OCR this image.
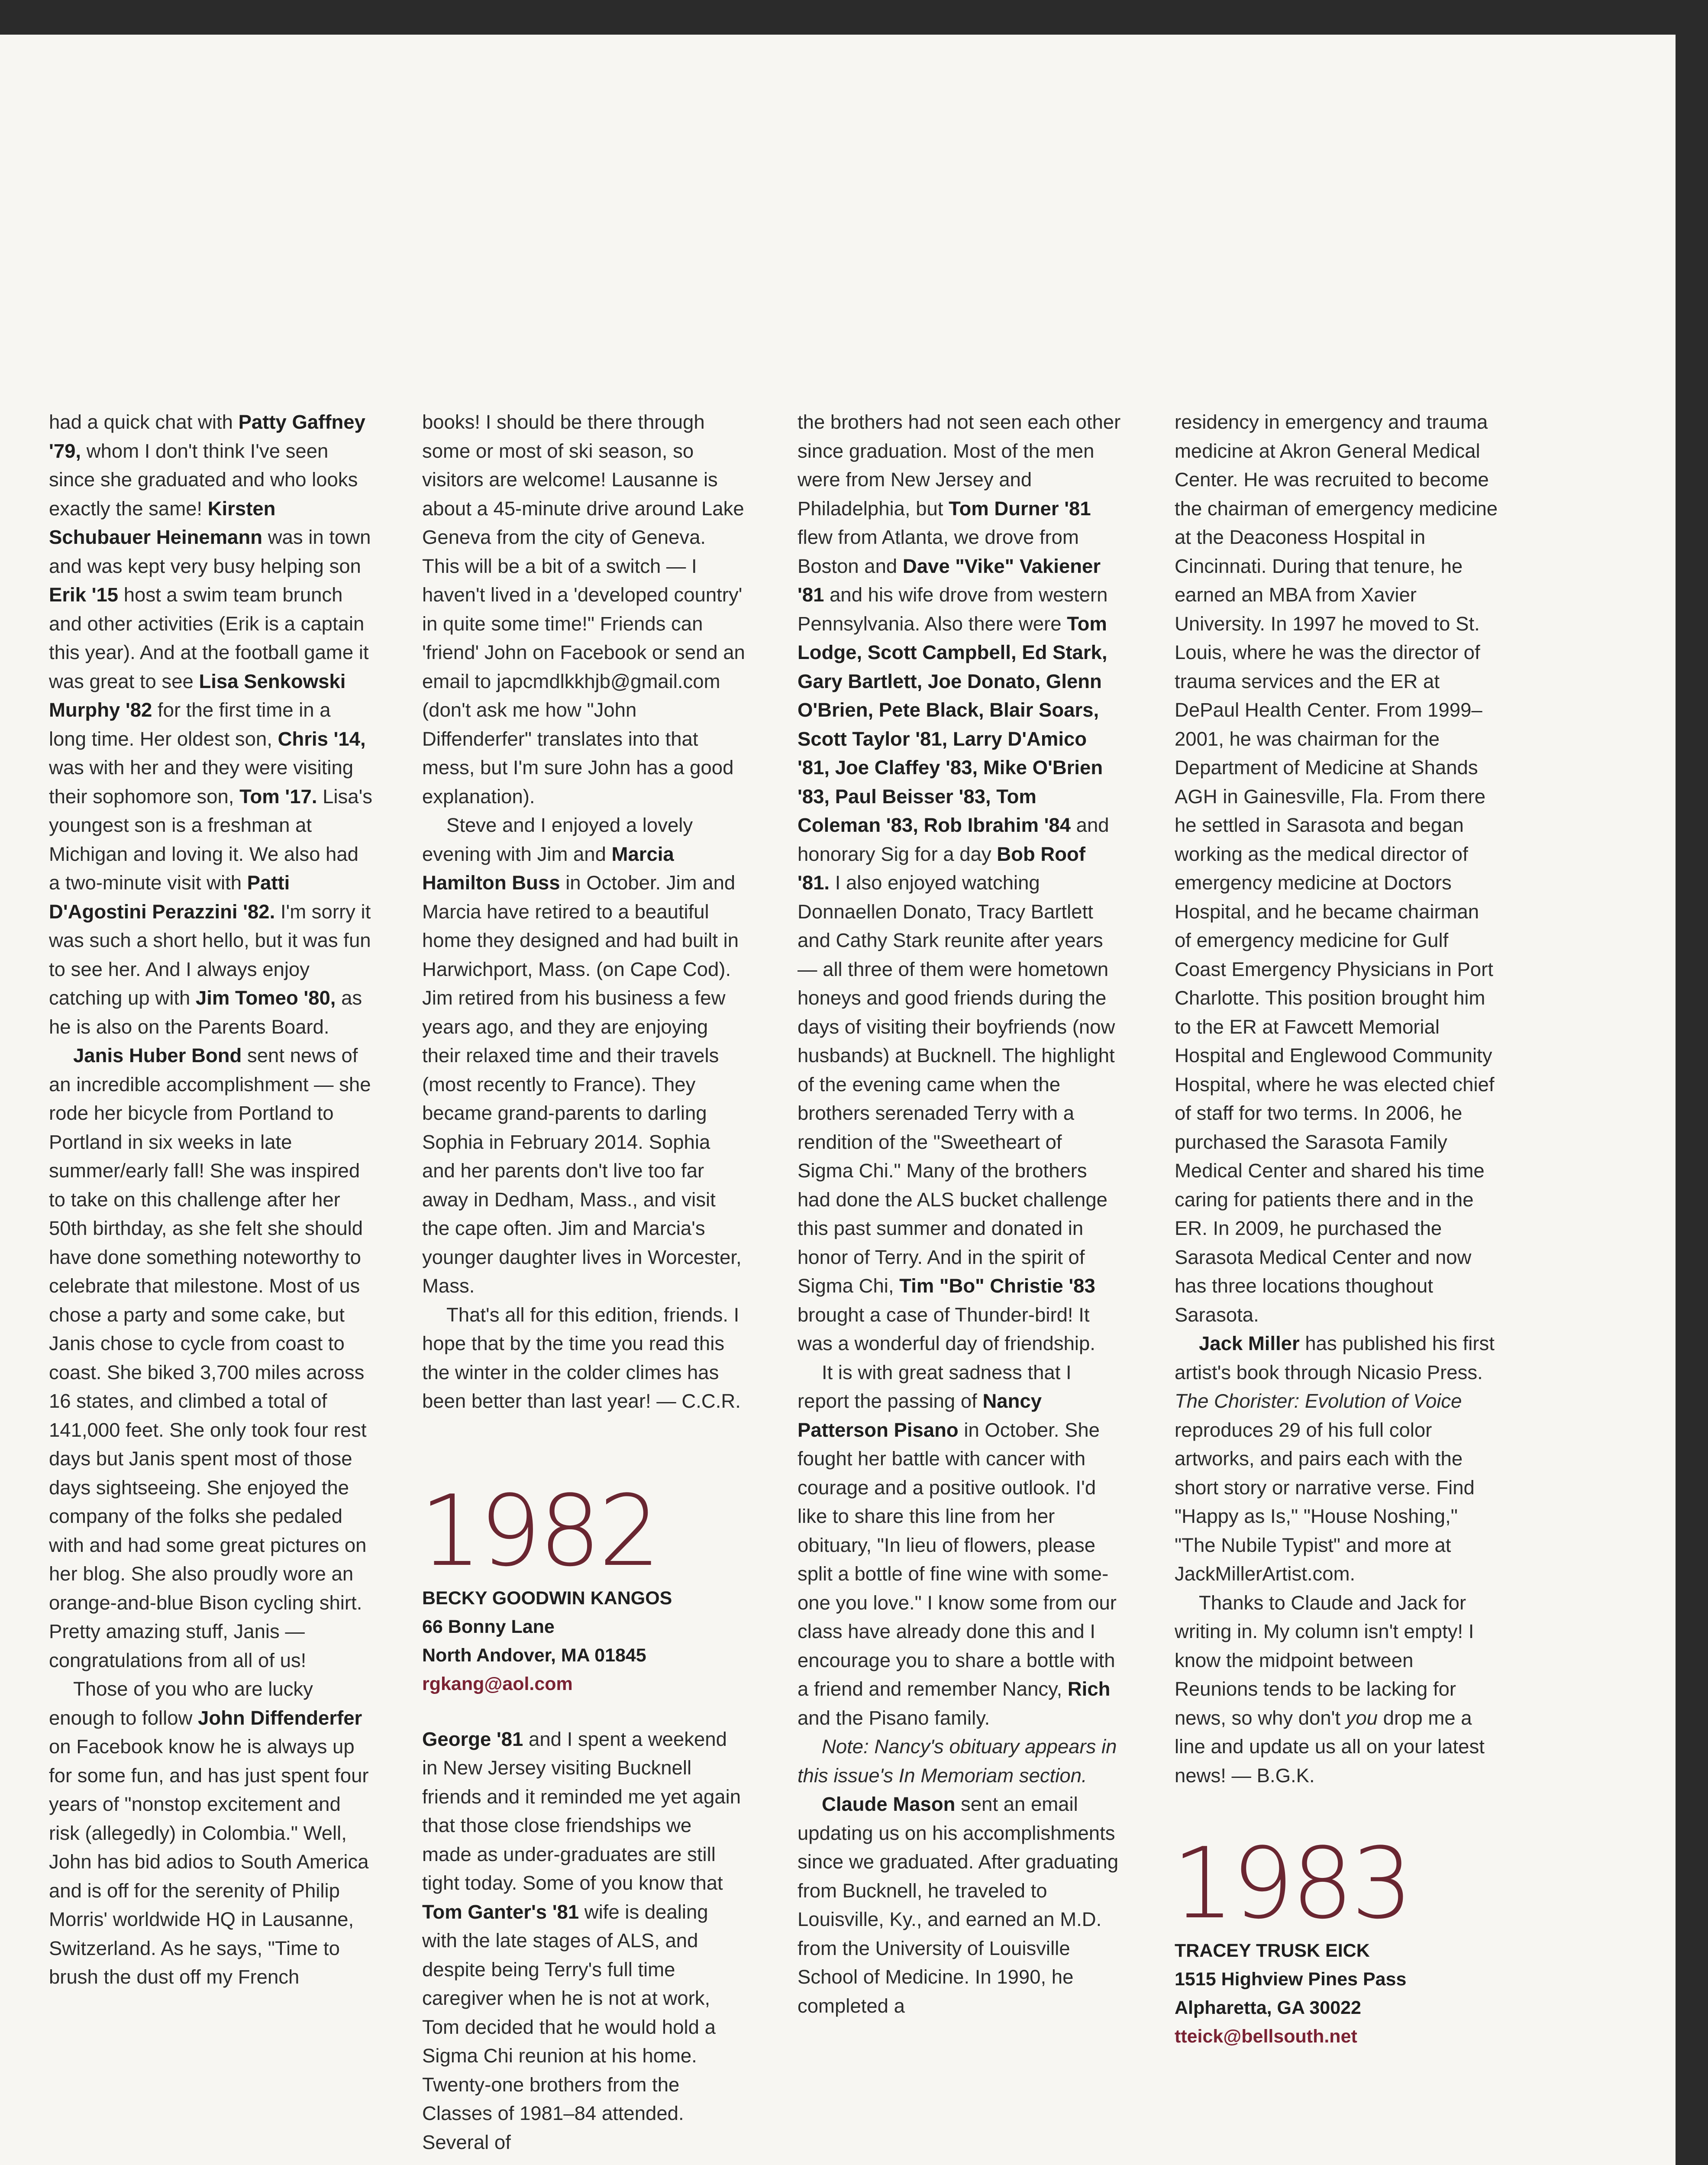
had a quick chat with Patty Gaffney '79, whom I don't think I've seen since she graduated and who looks exactly the same! Kirsten Schubauer Heinemann was in town and was kept very busy helping son Erik '15 host a swim team brunch and other activities (Erik is a captain this year). And at the football game it was great to see Lisa Senkowski Murphy '82 for the first time in a long time. Her oldest son, Chris '14, was with her and they were visiting their sophomore son, Tom '17. Lisa's youngest son is a freshman at Michigan and loving it. We also had a two-minute visit with Patti D'Agostini Perazzini '82. I'm sorry it was such a short hello, but it was fun to see her. And I always enjoy catching up with Jim Tomeo '80, as he is also on the Parents Board.

Janis Huber Bond sent news of an incredible accomplishment — she rode her bicycle from Portland to Portland in six weeks in late summer/early fall! She was inspired to take on this challenge after her 50th birthday, as she felt she should have done something noteworthy to celebrate that milestone. Most of us chose a party and some cake, but Janis chose to cycle from coast to coast. She biked 3,700 miles across 16 states, and climbed a total of 141,000 feet. She only took four rest days but Janis spent most of those days sightseeing. She enjoyed the company of the folks she pedaled with and had some great pictures on her blog. She also proudly wore an orange-and-blue Bison cycling shirt. Pretty amazing stuff, Janis — congratulations from all of us!

Those of you who are lucky enough to follow John Diffenderfer on Facebook know he is always up for some fun, and has just spent four years of "nonstop excitement and risk (allegedly) in Colombia." Well, John has bid adios to South America and is off for the serenity of Philip Morris' worldwide HQ in Lausanne, Switzerland. As he says, "Time to brush the dust off my French

books! I should be there through some or most of ski season, so visitors are welcome! Lausanne is about a 45-minute drive around Lake Geneva from the city of Geneva. This will be a bit of a switch — I haven't lived in a 'developed country' in quite some time!" Friends can 'friend' John on Facebook or send an email to japcmdlkkhjb@gmail.com (don't ask me how "John Diffenderfer" translates into that mess, but I'm sure John has a good explanation).

Steve and I enjoyed a lovely evening with Jim and Marcia Hamilton Buss in October. Jim and Marcia have retired to a beautiful home they designed and had built in Harwichport, Mass. (on Cape Cod). Jim retired from his business a few years ago, and they are enjoying their relaxed time and their travels (most recently to France). They became grand-parents to darling Sophia in February 2014. Sophia and her parents don't live too far away in Dedham, Mass., and visit the cape often. Jim and Marcia's younger daughter lives in Worcester, Mass.

That's all for this edition, friends. I hope that by the time you read this the winter in the colder climes has been better than last year! — C.C.R.

1982
BECKY GOODWIN KANGOS
66 Bonny Lane
North Andover, MA 01845
rgkang@aol.com

George '81 and I spent a weekend in New Jersey visiting Bucknell friends and it reminded me yet again that those close friendships we made as under-graduates are still tight today. Some of you know that Tom Ganter's '81 wife is dealing with the late stages of ALS, and despite being Terry's full time caregiver when he is not at work, Tom decided that he would hold a Sigma Chi reunion at his home. Twenty-one brothers from the Classes of 1981–84 attended. Several of

the brothers had not seen each other since graduation. Most of the men were from New Jersey and Philadelphia, but Tom Durner '81 flew from Atlanta, we drove from Boston and Dave "Vike" Vakiener '81 and his wife drove from western Pennsylvania. Also there were Tom Lodge, Scott Campbell, Ed Stark, Gary Bartlett, Joe Donato, Glenn O'Brien, Pete Black, Blair Soars, Scott Taylor '81, Larry D'Amico '81, Joe Claffey '83, Mike O'Brien '83, Paul Beisser '83, Tom Coleman '83, Rob Ibrahim '84 and honorary Sig for a day Bob Roof '81. I also enjoyed watching Donnaellen Donato, Tracy Bartlett and Cathy Stark reunite after years — all three of them were hometown honeys and good friends during the days of visiting their boyfriends (now husbands) at Bucknell. The highlight of the evening came when the brothers serenaded Terry with a rendition of the "Sweetheart of Sigma Chi." Many of the brothers had done the ALS bucket challenge this past summer and donated in honor of Terry. And in the spirit of Sigma Chi, Tim "Bo" Christie '83 brought a case of Thunder-bird! It was a wonderful day of friendship.

It is with great sadness that I report the passing of Nancy Patterson Pisano in October. She fought her battle with cancer with courage and a positive outlook. I'd like to share this line from her obituary, "In lieu of flowers, please split a bottle of fine wine with some-one you love." I know some from our class have already done this and I encourage you to share a bottle with a friend and remember Nancy, Rich and the Pisano family.

Note: Nancy's obituary appears in this issue's In Memoriam section.

Claude Mason sent an email updating us on his accomplishments since we graduated. After graduating from Bucknell, he traveled to Louisville, Ky., and earned an M.D. from the University of Louisville School of Medicine. In 1990, he completed a

residency in emergency and trauma medicine at Akron General Medical Center. He was recruited to become the chairman of emergency medicine at the Deaconess Hospital in Cincinnati. During that tenure, he earned an MBA from Xavier University. In 1997 he moved to St. Louis, where he was the director of trauma services and the ER at DePaul Health Center. From 1999–2001, he was chairman for the Department of Medicine at Shands AGH in Gainesville, Fla. From there he settled in Sarasota and began working as the medical director of emergency medicine at Doctors Hospital, and he became chairman of emergency medicine for Gulf Coast Emergency Physicians in Port Charlotte. This position brought him to the ER at Fawcett Memorial Hospital and Englewood Community Hospital, where he was elected chief of staff for two terms. In 2006, he purchased the Sarasota Family Medical Center and shared his time caring for patients there and in the ER. In 2009, he purchased the Sarasota Medical Center and now has three locations thoughout Sarasota.

Jack Miller has published his first artist's book through Nicasio Press. The Chorister: Evolution of Voice reproduces 29 of his full color artworks, and pairs each with the short story or narrative verse. Find "Happy as Is," "House Noshing," "The Nubile Typist" and more at JackMillerArtist.com.

Thanks to Claude and Jack for writing in. My column isn't empty! I know the midpoint between Reunions tends to be lacking for news, so why don't you drop me a line and update us all on your latest news! — B.G.K.

1983
TRACEY TRUSK EICK
1515 Highview Pines Pass
Alpharetta, GA 30022
tteick@bellsouth.net
